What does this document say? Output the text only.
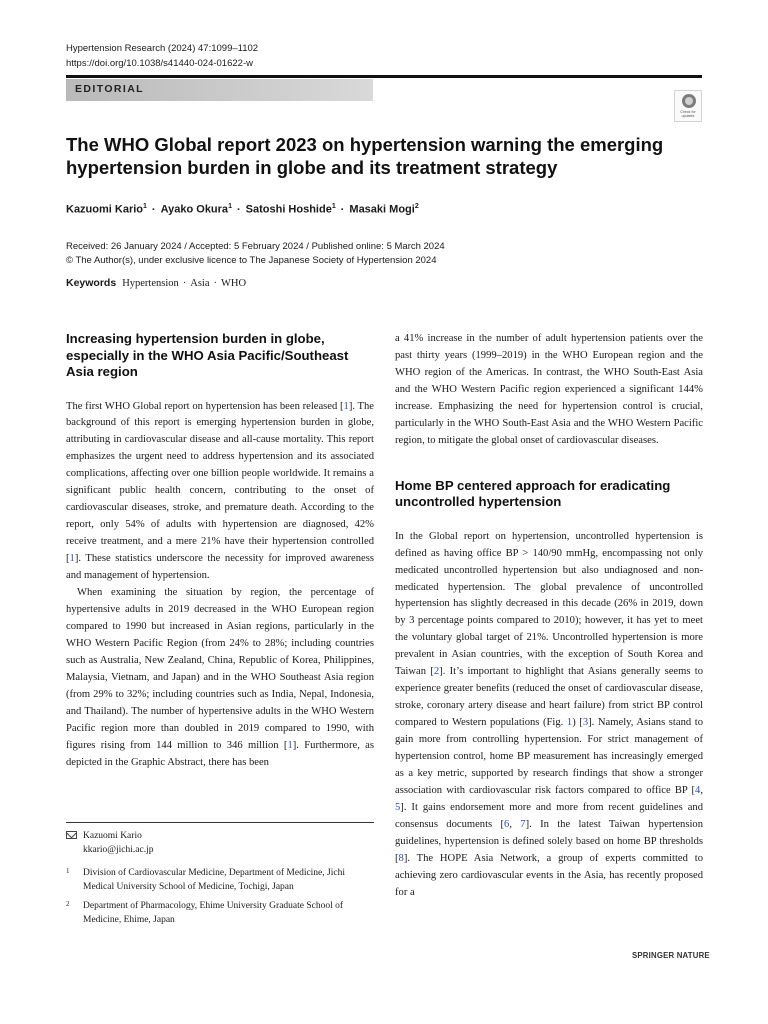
Hypertension Research (2024) 47:1099–1102
https://doi.org/10.1038/s41440-024-01622-w
EDITORIAL
Check for updates
The WHO Global report 2023 on hypertension warning the emerging hypertension burden in globe and its treatment strategy
Kazuomi Kario$^1$ · Ayako Okura$^1$ · Satoshi Hoshide$^1$ · Masaki Mogi$^2$
Received: 26 January 2024 / Accepted: 5 February 2024 / Published online: 5 March 2024
© The Author(s), under exclusive licence to The Japanese Society of Hypertension 2024
Keywords Hypertension · Asia · WHO
Increasing hypertension burden in globe, especially in the WHO Asia Pacific/Southeast Asia region

The first WHO Global report on hypertension has been released [1]. The background of this report is emerging hypertension burden in globe, attributing in cardiovascular disease and all-cause mortality. This report emphasizes the urgent need to address hypertension and its associated complications, affecting over one billion people worldwide. It remains a significant public health concern, contributing to the onset of cardiovascular diseases, stroke, and premature death. According to the report, only 54% of adults with hypertension are diagnosed, 42% receive treatment, and a mere 21% have their hypertension controlled [1]. These statistics underscore the necessity for improved awareness and management of hypertension.

When examining the situation by region, the percentage of hypertensive adults in 2019 decreased in the WHO European region compared to 1990 but increased in Asian regions, particularly in the WHO Western Pacific Region (from 24% to 28%; including countries such as Australia, New Zealand, China, Republic of Korea, Philippines, Malaysia, Vietnam, and Japan) and in the WHO Southeast Asia region (from 29% to 32%; including countries such as India, Nepal, Indonesia, and Thailand). The number of hypertensive adults in the WHO Western Pacific region more than doubled in 2019 compared to 1990, with figures rising from 144 million to 346 million [1]. Furthermore, as depicted in the Graphic Abstract, there has been

Kazuomi Kario
kkario@jichi.ac.jp
1 Division of Cardiovascular Medicine, Department of Medicine, Jichi Medical University School of Medicine, Tochigi, Japan
2 Department of Pharmacology, Ehime University Graduate School of Medicine, Ehime, Japan

a 41% increase in the number of adult hypertension patients over the past thirty years (1999–2019) in the WHO European region and the WHO region of the Americas. In contrast, the WHO South-East Asia and the WHO Western Pacific region experienced a significant 144% increase. Emphasizing the need for hypertension control is crucial, particularly in the WHO South-East Asia and the WHO Western Pacific region, to mitigate the global onset of cardiovascular diseases.

Home BP centered approach for eradicating uncontrolled hypertension

In the Global report on hypertension, uncontrolled hypertension is defined as having office BP > 140/90 mmHg, encompassing not only medicated uncontrolled hypertension but also undiagnosed and non-medicated hypertension. The global prevalence of uncontrolled hypertension has slightly decreased in this decade (26% in 2019, down by 3 percentage points compared to 2010); however, it has yet to meet the voluntary global target of 21%. Uncontrolled hypertension is more prevalent in Asian countries, with the exception of South Korea and Taiwan [2]. It’s important to highlight that Asians generally seems to experience greater benefits (reduced the onset of cardiovascular disease, stroke, coronary artery disease and heart failure) from strict BP control compared to Western populations (Fig. 1) [3]. Namely, Asians stand to gain more from controlling hypertension. For strict management of hypertension control, home BP measurement has increasingly emerged as a key metric, supported by research findings that show a stronger association with cardiovascular risk factors compared to office BP [4, 5]. It gains endorsement more and more from recent guidelines and consensus documents [6, 7]. In the latest Taiwan hypertension guidelines, hypertension is defined solely based on home BP thresholds [8]. The HOPE Asia Network, a group of experts committed to achieving zero cardiovascular events in the Asia, has recently proposed for a

SPRINGER NATURE
